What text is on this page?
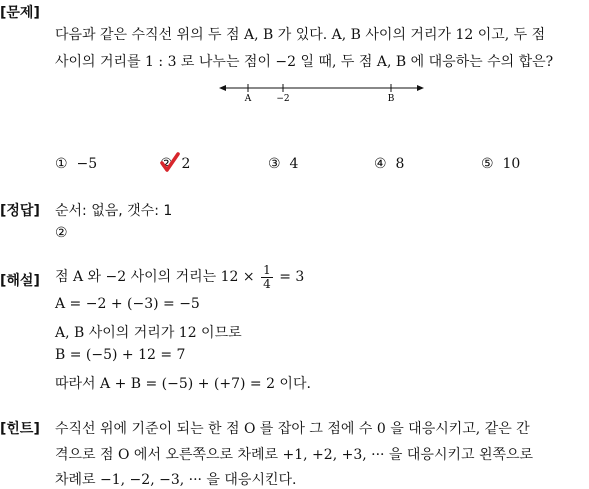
[문제]
다음과 같은 수직선 위의 두 점 A, B 가 있다. A, B 사이의 거리가 12 이고, 두 점
사이의 거리를 1 : 3 로 나누는 점이 −2 일 때, 두 점 A, B 에 대응하는 수의 합은?
A	−2	B
① −5	② 2	③ 4	④ 8	⑤ 10
[정답] 순서: 없음, 갯수: 1
②
[해설] 점 A 와 −2 사이의 거리는 $12 \times \frac{1}{4} = 3$
A = −2 + (−3) = −5
A, B 사이의 거리가 12 이므로
B = (−5) + 12 = 7
따라서 A + B = (−5) + (+7) = 2 이다.
[힌트] 수직선 위에 기준이 되는 한 점 O 를 잡아 그 점에 수 0 을 대응시키고, 같은 간
격으로 점 O 에서 오른쪽으로 차례로 +1, +2, +3, ··· 을 대응시키고 왼쪽으로
차례로 −1, −2, −3, ··· 을 대응시킨다.
